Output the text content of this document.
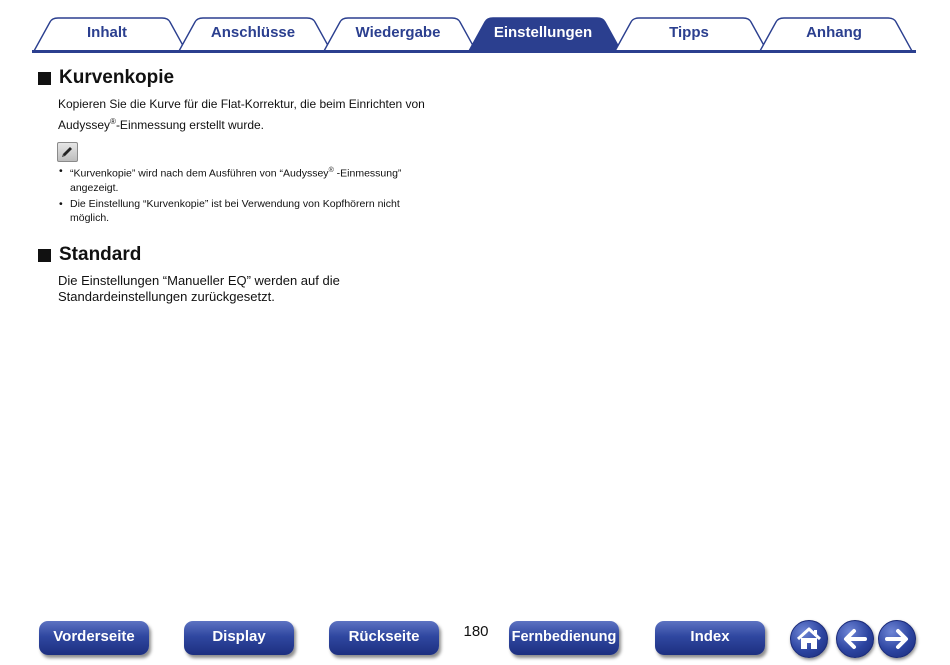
Inhalt	Anschlüsse	Wiedergabe	Einstellungen	Tipps	Anhang
Kurvenkopie
Kopieren Sie die Kurve für die Flat-Korrektur, die beim Einrichten von
Audyssey®-Einmessung erstellt wurde.
• “Kurvenkopie” wird nach dem Ausführen von “Audyssey® -Einmessung”
angezeigt.
• Die Einstellung “Kurvenkopie” ist bei Verwendung von Kopfhörern nicht
möglich.
Standard
Die Einstellungen “Manueller EQ” werden auf die
Standardeinstellungen zurückgesetzt.
Vorderseite	Display	Rückseite	180	Fernbedienung	Index
